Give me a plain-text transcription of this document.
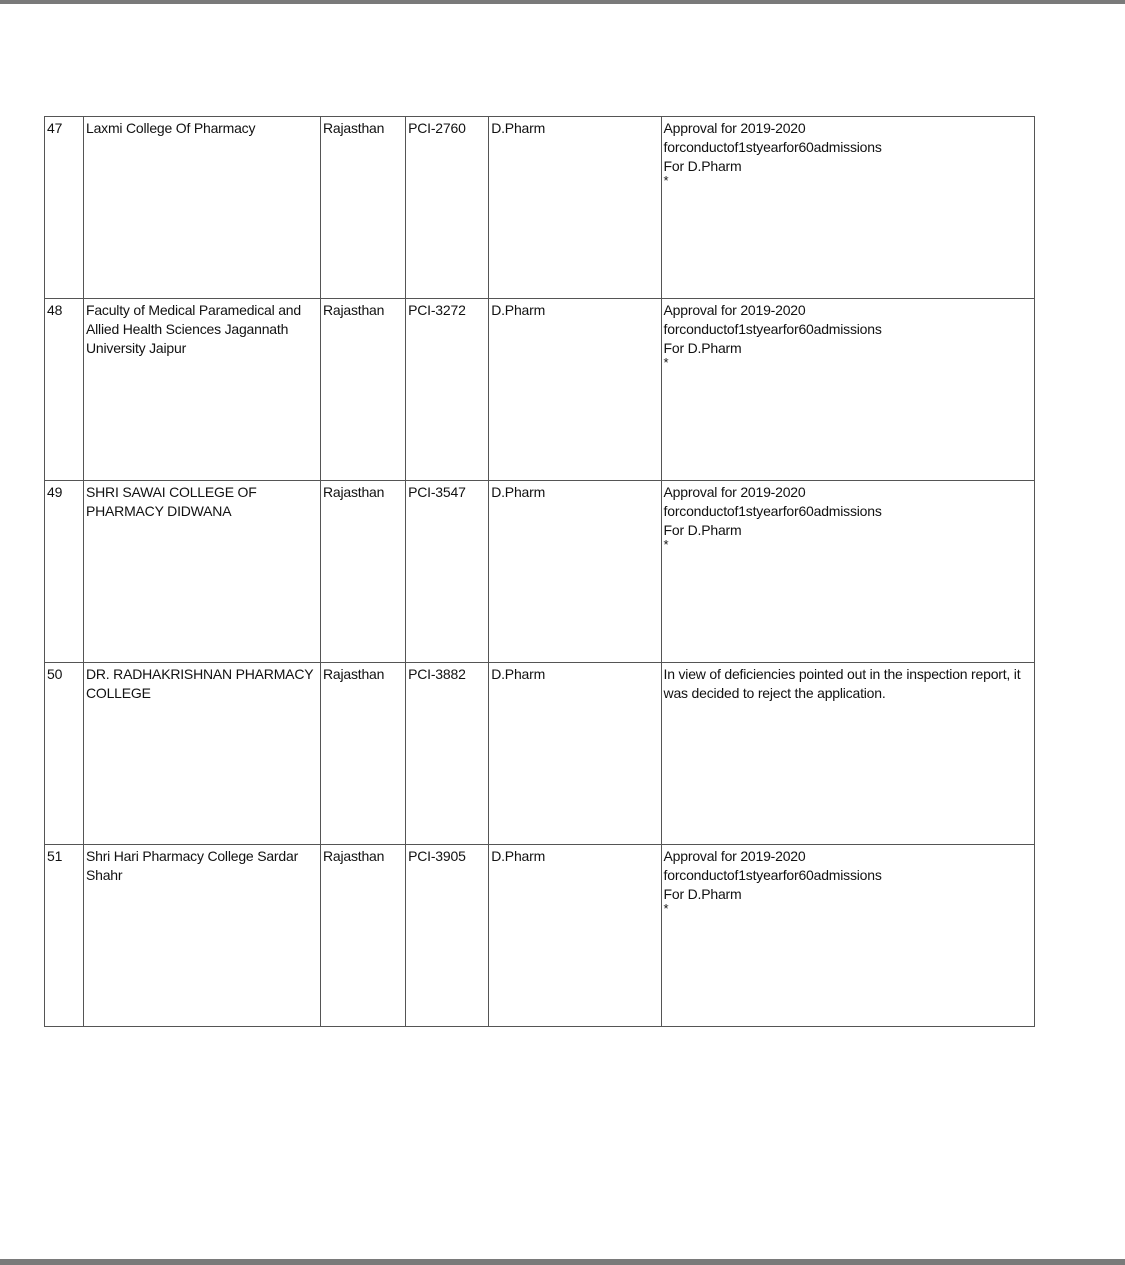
47	Laxmi College Of Pharmacy	Rajasthan	PCI-2760	D.Pharm	Approval for 2019-2020
forconductof1styearfor60admissions
For D.Pharm
*

48	Faculty of Medical Paramedical and Allied Health Sciences Jagannath University Jaipur	Rajasthan	PCI-3272	D.Pharm	Approval for 2019-2020
forconductof1styearfor60admissions
For D.Pharm
*

49	SHRI SAWAI COLLEGE OF PHARMACY DIDWANA	Rajasthan	PCI-3547	D.Pharm	Approval for 2019-2020
forconductof1styearfor60admissions
For D.Pharm
*

50	DR. RADHAKRISHNAN PHARMACY COLLEGE	Rajasthan	PCI-3882	D.Pharm	In view of deficiencies pointed out in the inspection report, it was decided to reject the application.

51	Shri Hari Pharmacy College Sardar Shahr	Rajasthan	PCI-3905	D.Pharm	Approval for 2019-2020
forconductof1styearfor60admissions
For D.Pharm
*
